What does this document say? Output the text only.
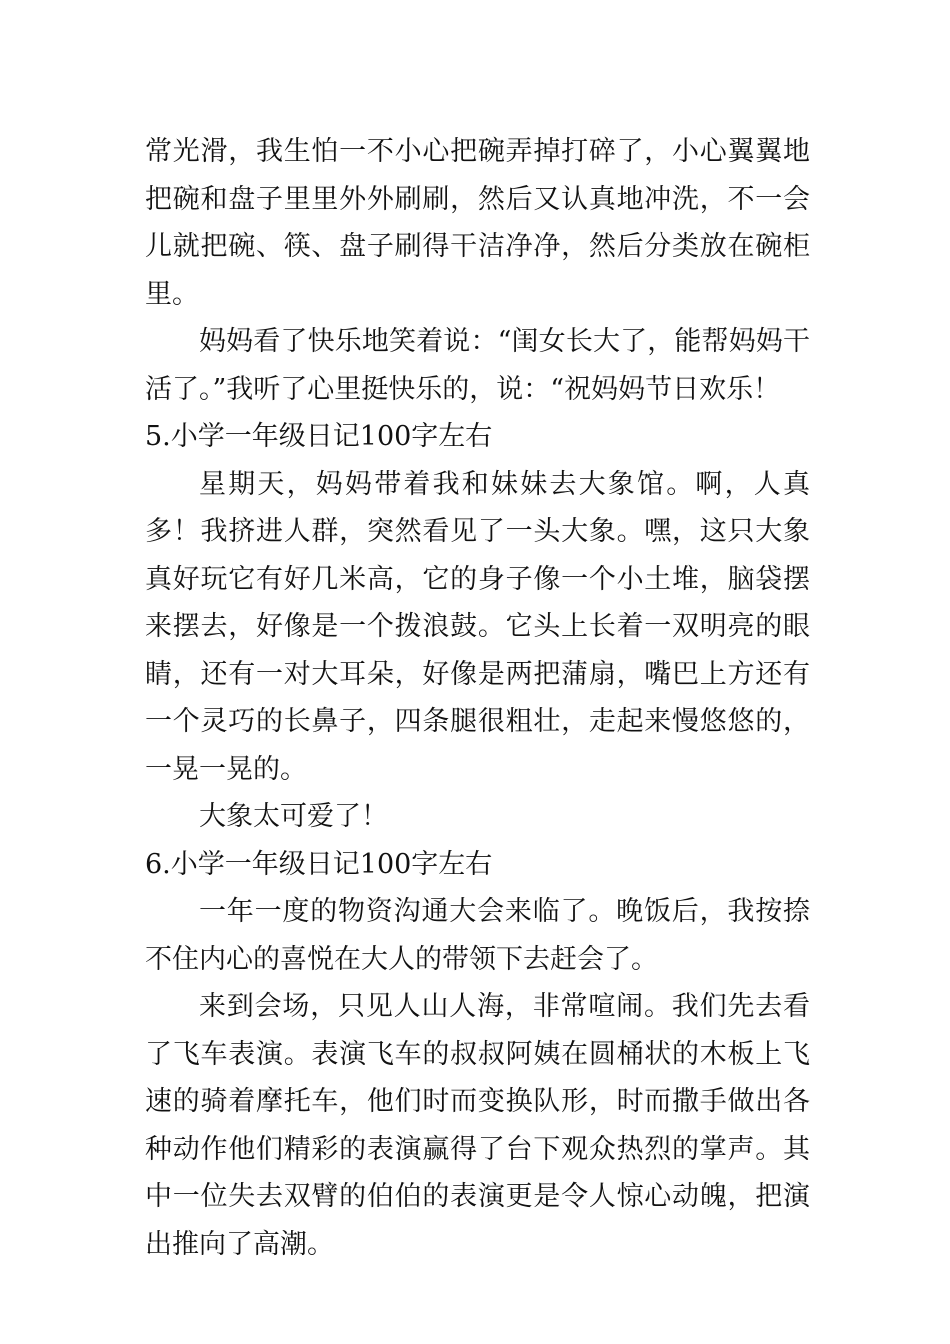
常光滑，我生怕一不小心把碗弄掉打碎了，小心翼翼地把碗和盘子里里外外刷刷，然后又认真地冲洗，不一会儿就把碗、筷、盘子刷得干洁净净，然后分类放在碗柜里。

妈妈看了快乐地笑着说：“闺女长大了，能帮妈妈干活了。”我听了心里挺快乐的，说：“祝妈妈节日欢乐！

5.小学一年级日记100字左右

星期天，妈妈带着我和妹妹去大象馆。啊，人真多！我挤进人群，突然看见了一头大象。嘿，这只大象真好玩它有好几米高，它的身子像一个小土堆，脑袋摆来摆去，好像是一个拨浪鼓。它头上长着一双明亮的眼睛，还有一对大耳朵，好像是两把蒲扇，嘴巴上方还有一个灵巧的长鼻子，四条腿很粗壮，走起来慢悠悠的，一晃一晃的。

大象太可爱了！

6.小学一年级日记100字左右

一年一度的物资沟通大会来临了。晚饭后，我按捺不住内心的喜悦在大人的带领下去赶会了。

来到会场，只见人山人海，非常喧闹。我们先去看了飞车表演。表演飞车的叔叔阿姨在圆桶状的木板上飞速的骑着摩托车，他们时而变换队形，时而撒手做出各种动作他们精彩的表演赢得了台下观众热烈的掌声。其中一位失去双臂的伯伯的表演更是令人惊心动魄，把演出推向了高潮。
